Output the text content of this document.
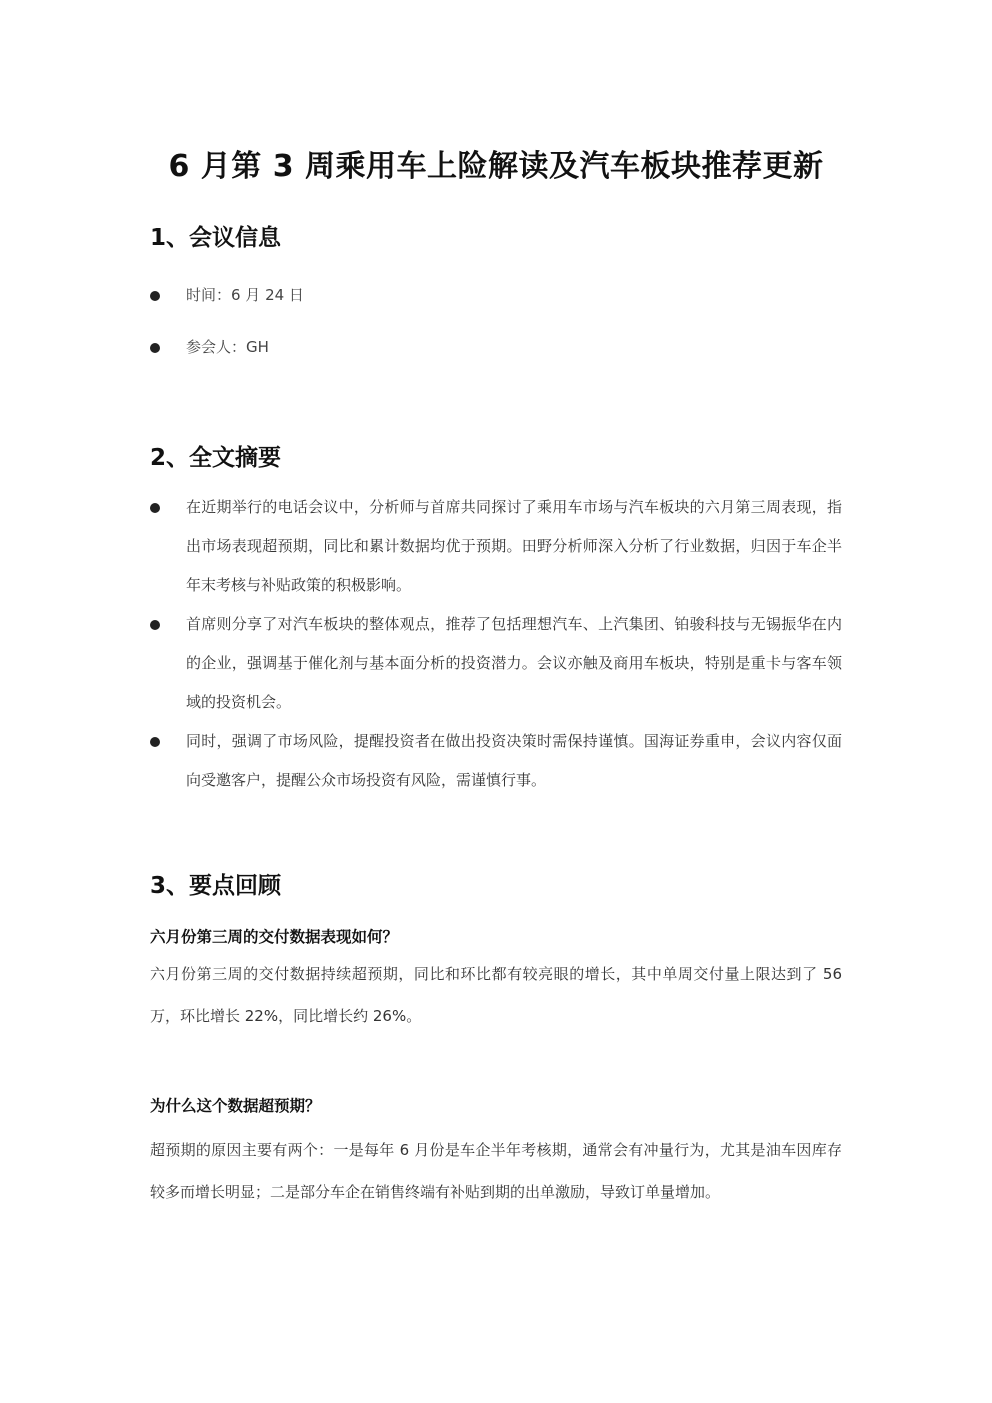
6 月第 3 周乘用车上险解读及汽车板块推荐更新
1、会议信息
时间：6 月 24 日
参会人：GH
2、全文摘要
在近期举行的电话会议中，分析师与首席共同探讨了乘用车市场与汽车板块的六月第三周表现，指出市场表现超预期，同比和累计数据均优于预期。田野分析师深入分析了行业数据，归因于车企半年末考核与补贴政策的积极影响。
首席则分享了对汽车板块的整体观点，推荐了包括理想汽车、上汽集团、铂骏科技与无锡振华在内的企业，强调基于催化剂与基本面分析的投资潜力。会议亦触及商用车板块，特别是重卡与客车领域的投资机会。
同时，强调了市场风险，提醒投资者在做出投资决策时需保持谨慎。国海证券重申，会议内容仅面向受邀客户，提醒公众市场投资有风险，需谨慎行事。
3、要点回顾
六月份第三周的交付数据表现如何？
六月份第三周的交付数据持续超预期，同比和环比都有较亮眼的增长，其中单周交付量上限达到了 56 万，环比增长 22%，同比增长约 26%。
为什么这个数据超预期？
超预期的原因主要有两个：一是每年 6 月份是车企半年考核期，通常会有冲量行为，尤其是油车因库存较多而增长明显；二是部分车企在销售终端有补贴到期的出单激励，导致订单量增加。
